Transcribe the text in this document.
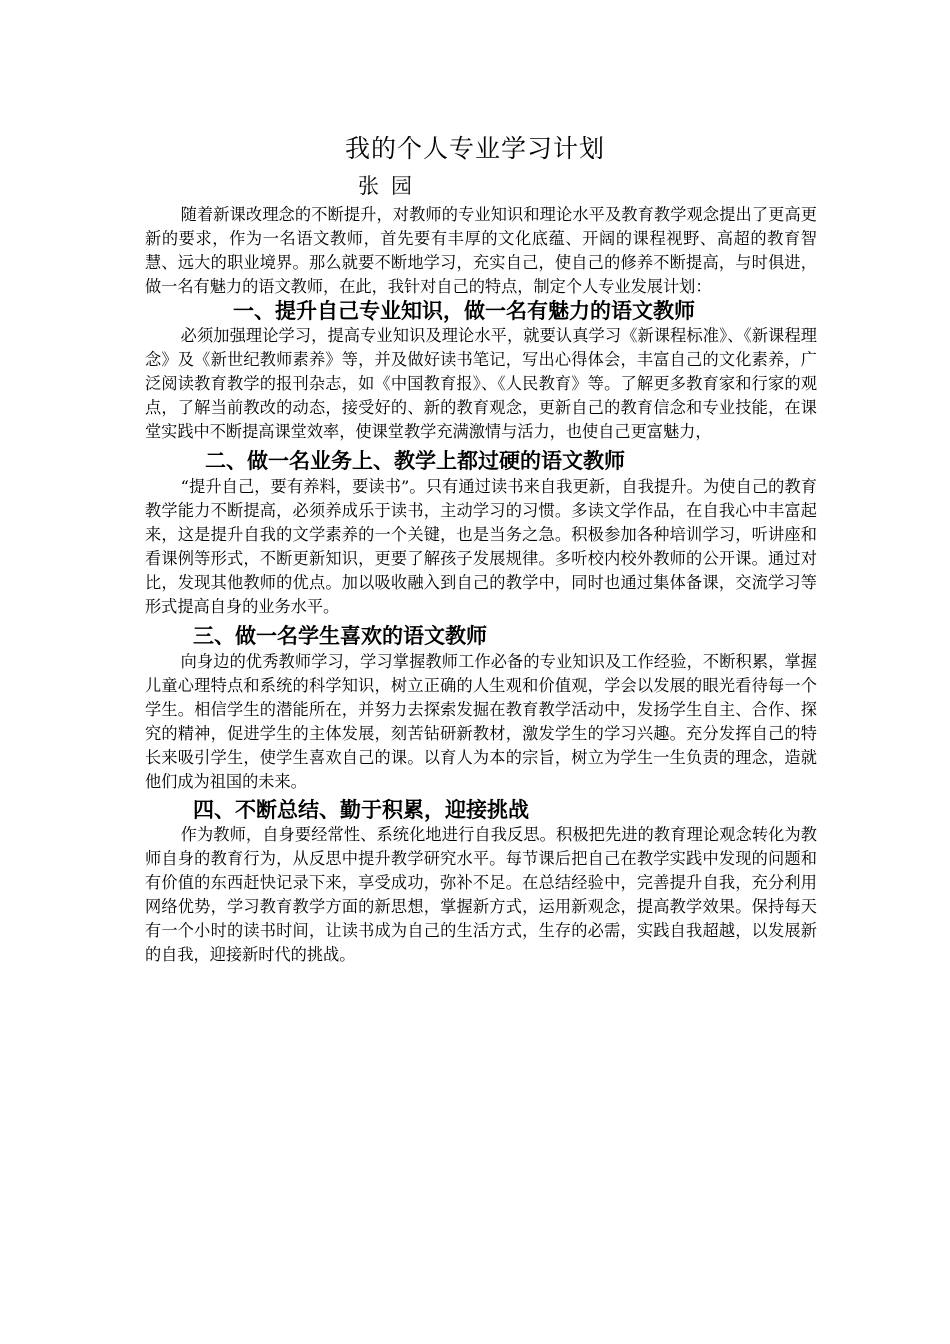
我的个人专业学习计划

张园

随着新课改理念的不断提升，对教师的专业知识和理论水平及教育教学观念提出了更高更新的要求，作为一名语文教师，首先要有丰厚的文化底蕴、开阔的课程视野、高超的教育智慧、远大的职业境界。那么就要不断地学习，充实自己，使自己的修养不断提高，与时俱进，做一名有魅力的语文教师，在此，我针对自己的特点，制定个人专业发展计划：

一、提升自己专业知识，做一名有魅力的语文教师

必须加强理论学习，提高专业知识及理论水平，就要认真学习《新课程标准》、《新课程理念》及《新世纪教师素养》等，并及做好读书笔记，写出心得体会，丰富自己的文化素养，广泛阅读教育教学的报刊杂志，如《中国教育报》、《人民教育》等。了解更多教育家和行家的观点，了解当前教改的动态，接受好的、新的教育观念，更新自己的教育信念和专业技能，在课堂实践中不断提高课堂效率，使课堂教学充满激情与活力，也使自己更富魅力，

二、做一名业务上、教学上都过硬的语文教师

“提升自己，要有养料，要读书”。只有通过读书来自我更新，自我提升。为使自己的教育教学能力不断提高，必须养成乐于读书，主动学习的习惯。多读文学作品，在自我心中丰富起来，这是提升自我的文学素养的一个关键，也是当务之急。积极参加各种培训学习，听讲座和看课例等形式，不断更新知识，更要了解孩子发展规律。多听校内校外教师的公开课。通过对比，发现其他教师的优点。加以吸收融入到自己的教学中，同时也通过集体备课，交流学习等形式提高自身的业务水平。

三、做一名学生喜欢的语文教师

向身边的优秀教师学习，学习掌握教师工作必备的专业知识及工作经验，不断积累，掌握儿童心理特点和系统的科学知识，树立正确的人生观和价值观，学会以发展的眼光看待每一个学生。相信学生的潜能所在，并努力去探索发掘在教育教学活动中，发扬学生自主、合作、探究的精神，促进学生的主体发展，刻苦钻研新教材，激发学生的学习兴趣。充分发挥自己的特长来吸引学生，使学生喜欢自己的课。以育人为本的宗旨，树立为学生一生负责的理念，造就他们成为祖国的未来。

四、不断总结、勤于积累，迎接挑战

作为教师，自身要经常性、系统化地进行自我反思。积极把先进的教育理论观念转化为教师自身的教育行为，从反思中提升教学研究水平。每节课后把自己在教学实践中发现的问题和有价值的东西赶快记录下来，享受成功，弥补不足。在总结经验中，完善提升自我，充分利用网络优势，学习教育教学方面的新思想，掌握新方式，运用新观念，提高教学效果。保持每天有一个小时的读书时间，让读书成为自己的生活方式，生存的必需，实践自我超越，以发展新的自我，迎接新时代的挑战。
